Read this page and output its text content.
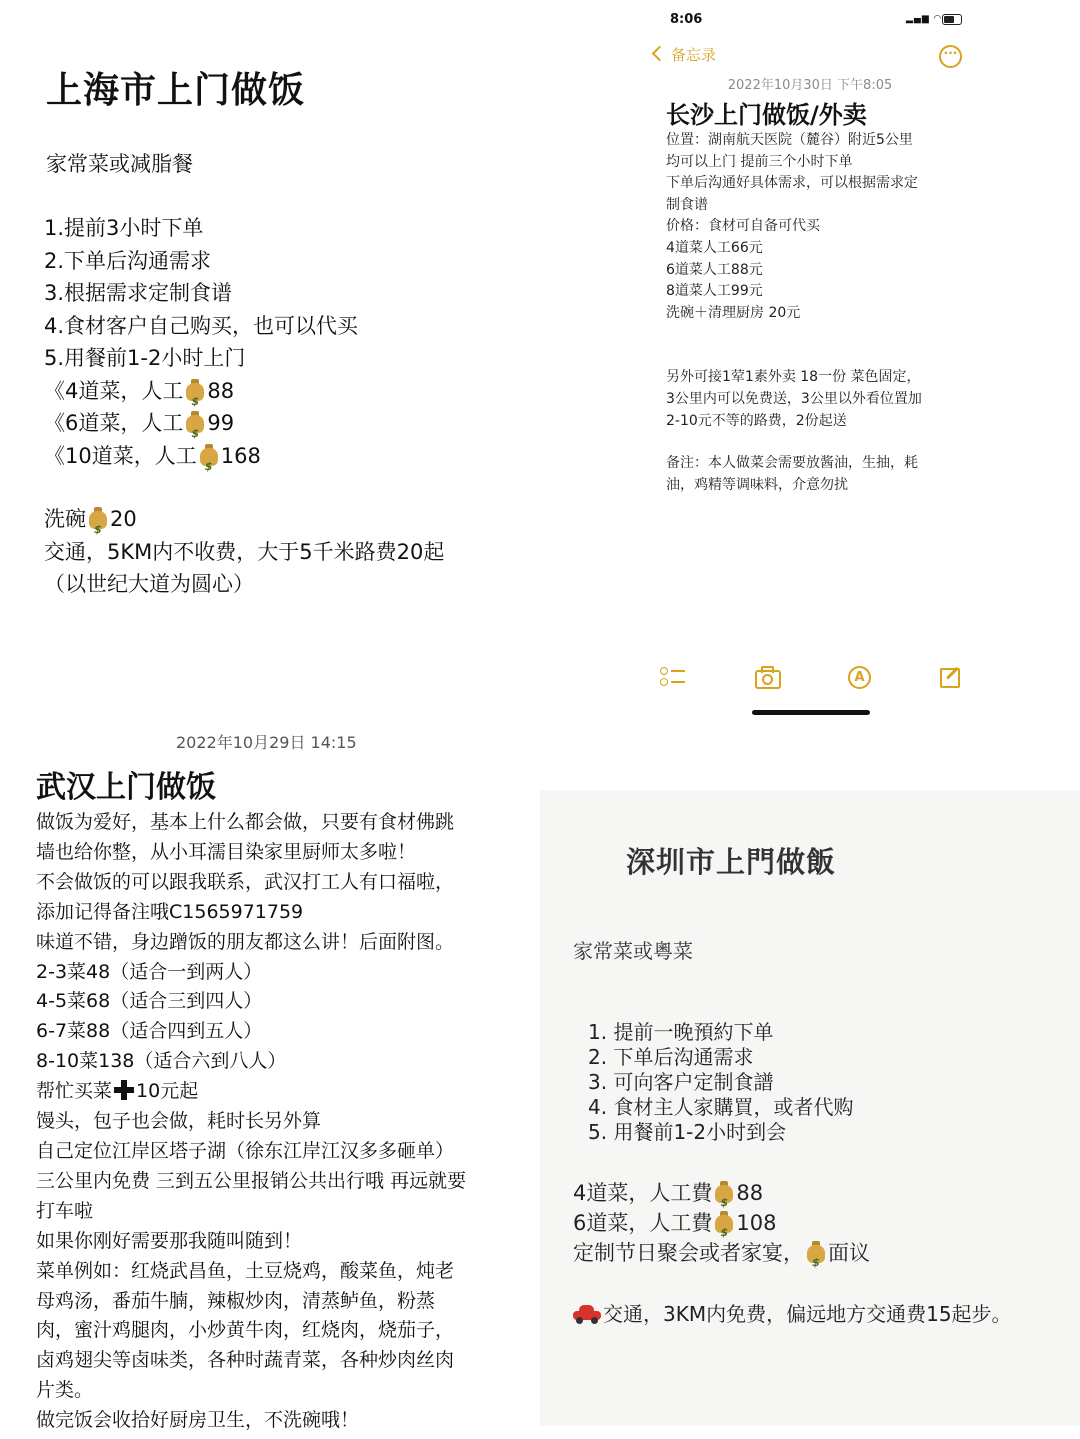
上海市上门做饭
家常菜或减脂餐
1.提前3小时下单
2.下单后沟通需求
3.根据需求定制食谱
4.食材客户自己购买，也可以代买
5.用餐前1-2小时上门
《4道菜，人工 $ 88
《6道菜，人工 $ 99
《10道菜，人工 $ 168
洗碗 $ 20
交通，5KM内不收费，大于5千米路费20起
（以世纪大道为圆心）
8:06	▂▄▆ ◠
备忘录	···
2022年10月30日 下午8:05
长沙上门做饭/外卖
位置：湖南航天医院（麓谷）附近5公里
均可以上门 提前三个小时下单
下单后沟通好具体需求，可以根据需求定
制食谱
价格：食材可自备可代买
4道菜人工66元
6道菜人工88元
8道菜人工99元
洗碗＋清理厨房 20元
另外可接1荤1素外卖 18一份 菜色固定，
3公里内可以免费送，3公里以外看位置加
2-10元不等的路费，2份起送
备注：本人做菜会需要放酱油，生抽，耗
油，鸡精等调味料，介意勿扰
A
2022年10月29日 14:15
武汉上门做饭
做饭为爱好，基本上什么都会做，只要有食材佛跳
墙也给你整，从小耳濡目染家里厨师太多啦！
不会做饭的可以跟我联系，武汉打工人有口福啦，
添加记得备注哦C1565971759
味道不错，身边蹭饭的朋友都这么讲！后面附图。
2-3菜48（适合一到两人）
4-5菜68（适合三到四人）
6-7菜88（适合四到五人）
8-10菜138（适合六到八人）
帮忙买菜 10元起
馒头，包子也会做，耗时长另外算
自己定位江岸区塔子湖（徐东江岸江汉多多砸单）
三公里内免费 三到五公里报销公共出行哦 再远就要
打车啦
如果你刚好需要那我随叫随到！
菜单例如：红烧武昌鱼，土豆烧鸡，酸菜鱼，炖老
母鸡汤，番茄牛腩，辣椒炒肉，清蒸鲈鱼，粉蒸
肉，蜜汁鸡腿肉，小炒黄牛肉，红烧肉，烧茄子，
卤鸡翅尖等卤味类，各种时蔬青菜，各种炒肉丝肉
片类。
做完饭会收拾好厨房卫生，不洗碗哦！
深圳市上門做飯
家常菜或粵菜
1. 提前一晚預約下单
2. 下单后沟通需求
3. 可向客户定制食譜
4. 食材主人家購買，或者代购
5. 用餐前1-2小时到会
4道菜，人工費 $ 88
6道菜，人工費 $ 108
定制节日聚会或者家宴， $ 面议
交通，3KM内免费，偏远地方交通费15起步。
